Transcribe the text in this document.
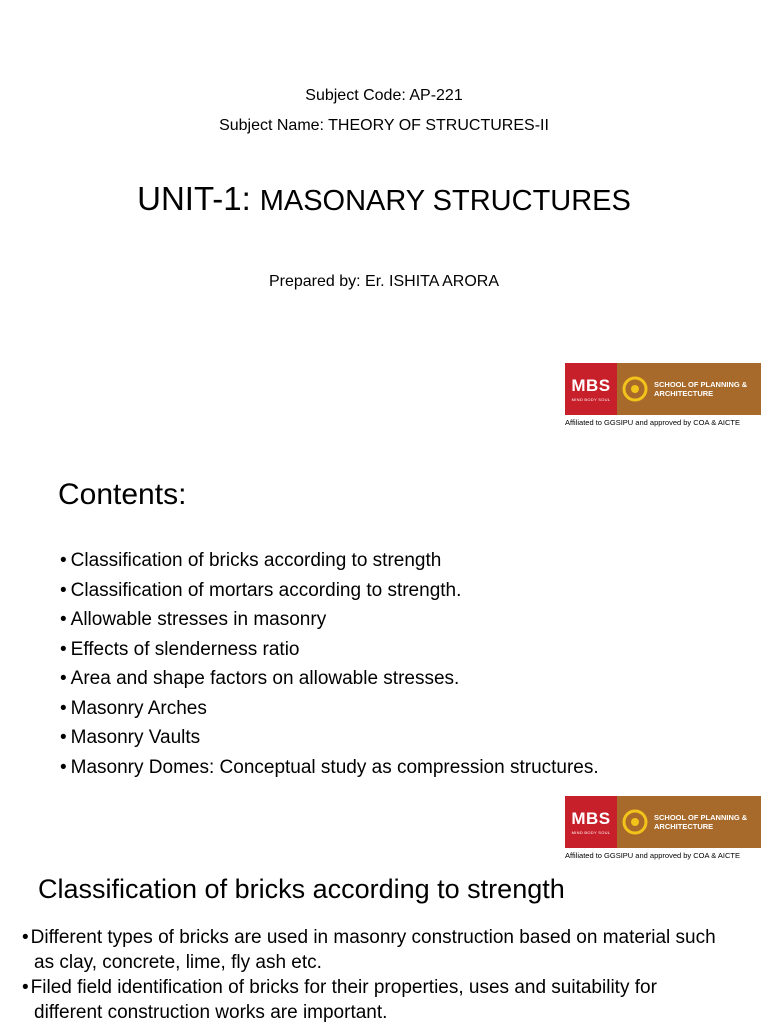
Subject Code: AP-221
Subject Name: THEORY OF STRUCTURES-II
UNIT-1: MASONARY STRUCTURES
Prepared by: Er. ISHITA ARORA
MBS
MIND BODY SOUL
SCHOOL OF PLANNING &
ARCHITECTURE
Affiliated to GGSIPU and approved by COA & AICTE
Contents:
• Classification of bricks according to strength
• Classification of mortars according to strength.
• Allowable stresses in masonry
• Effects of slenderness ratio
• Area and shape factors on allowable stresses.
• Masonry Arches
• Masonry Vaults
• Masonry Domes: Conceptual study as compression structures.
MBS
MIND BODY SOUL
SCHOOL OF PLANNING &
ARCHITECTURE
Affiliated to GGSIPU and approved by COA & AICTE
Classification of bricks according to strength
• Different types of bricks are used in masonry construction based on material such as clay, concrete, lime, fly ash etc.
• Filed field identification of bricks for their properties, uses and suitability for different construction works are important.
